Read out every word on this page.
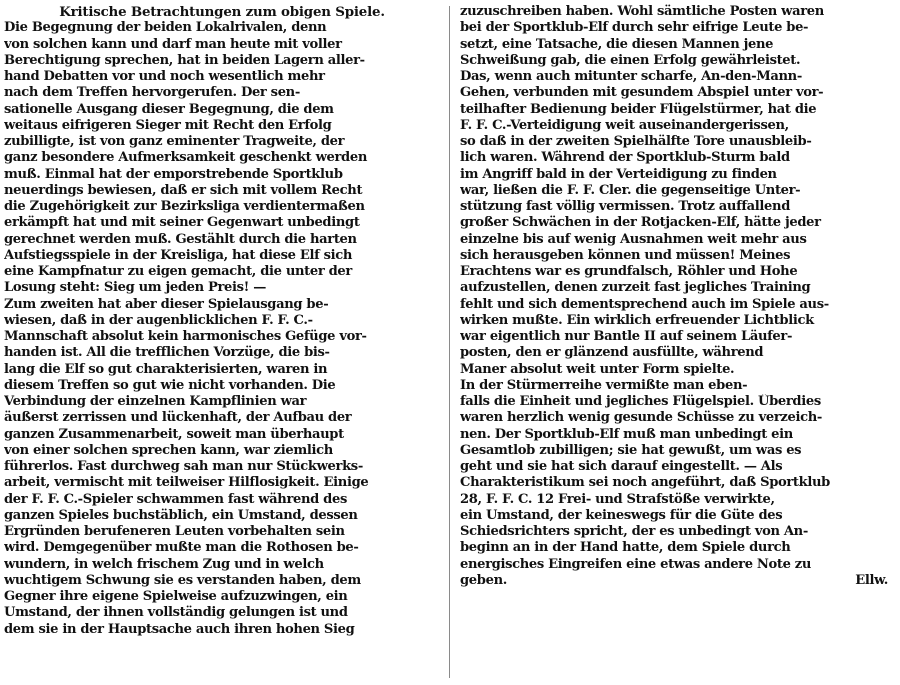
Kritische Betrachtungen zum obigen Spiele.
Die Begegnung der beiden Lokalrivalen, denn
von solchen kann und darf man heute mit voller
Berechtigung sprechen, hat in beiden Lagern aller-
hand Debatten vor und noch wesentlich mehr
nach dem Treffen hervorgerufen. Der sen-
sationelle Ausgang dieser Begegnung, die dem
weitaus eifrigeren Sieger mit Recht den Erfolg
zubilligte, ist von ganz eminenter Tragweite, der
ganz besondere Aufmerksamkeit geschenkt werden
muß. Einmal hat der emporstrebende Sportklub
neuerdings bewiesen, daß er sich mit vollem Recht
die Zugehörigkeit zur Bezirksliga verdientermaßen
erkämpft hat und mit seiner Gegenwart unbedingt
gerechnet werden muß. Gestählt durch die harten
Aufstiegsspiele in der Kreisliga, hat diese Elf sich
eine Kampfnatur zu eigen gemacht, die unter der
Losung steht: Sieg um jeden Preis! —
Zum zweiten hat aber dieser Spielausgang be-
wiesen, daß in der augenblicklichen F. F. C.-
Mannschaft absolut kein harmonisches Gefüge vor-
handen ist. All die trefflichen Vorzüge, die bis-
lang die Elf so gut charakterisierten, waren in
diesem Treffen so gut wie nicht vorhanden. Die
Verbindung der einzelnen Kampflinien war
äußerst zerrissen und lückenhaft, der Aufbau der
ganzen Zusammenarbeit, soweit man überhaupt
von einer solchen sprechen kann, war ziemlich
führerlos. Fast durchweg sah man nur Stückwerks-
arbeit, vermischt mit teilweiser Hilflosigkeit. Einige
der F. F. C.-Spieler schwammen fast während des
ganzen Spieles buchstäblich, ein Umstand, dessen
Ergründen berufeneren Leuten vorbehalten sein
wird. Demgegenüber mußte man die Rothosen be-
wundern, in welch frischem Zug und in welch
wuchtigem Schwung sie es verstanden haben, dem
Gegner ihre eigene Spielweise aufzuzwingen, ein
Umstand, der ihnen vollständig gelungen ist und
dem sie in der Hauptsache auch ihren hohen Sieg
zuzuschreiben haben. Wohl sämtliche Posten waren
bei der Sportklub-Elf durch sehr eifrige Leute be-
setzt, eine Tatsache, die diesen Mannen jene
Schweißung gab, die einen Erfolg gewährleistet.
Das, wenn auch mitunter scharfe, An-den-Mann-
Gehen, verbunden mit gesundem Abspiel unter vor-
teilhafter Bedienung beider Flügelstürmer, hat die
F. F. C.-Verteidigung weit auseinandergerissen,
so daß in der zweiten Spielhälfte Tore unausbleib-
lich waren. Während der Sportklub-Sturm bald
im Angriff bald in der Verteidigung zu finden
war, ließen die F. F. Cler. die gegenseitige Unter-
stützung fast völlig vermissen. Trotz auffallend
großer Schwächen in der Rotjacken-Elf, hätte jeder
einzelne bis auf wenig Ausnahmen weit mehr aus
sich herausgeben können und müssen! Meines
Erachtens war es grundfalsch, Röhler und Hohe
aufzustellen, denen zurzeit fast jegliches Training
fehlt und sich dementsprechend auch im Spiele aus-
wirken mußte. Ein wirklich erfreuender Lichtblick
war eigentlich nur Bantle II auf seinem Läufer-
posten, den er glänzend ausfüllte, während
Maner absolut weit unter Form spielte.
In der Stürmerreihe vermißte man eben-
falls die Einheit und jegliches Flügelspiel. Überdies
waren herzlich wenig gesunde Schüsse zu verzeich-
nen. Der Sportklub-Elf muß man unbedingt ein
Gesamtlob zubilligen; sie hat gewußt, um was es
geht und sie hat sich darauf eingestellt. — Als
Charakteristikum sei noch angeführt, daß Sportklub
28, F. F. C. 12 Frei- und Strafstöße verwirkte,
ein Umstand, der keineswegs für die Güte des
Schiedsrichters spricht, der es unbedingt von An-
beginn an in der Hand hatte, dem Spiele durch
energisches Eingreifen eine etwas andere Note zu
geben.	Ellw.
